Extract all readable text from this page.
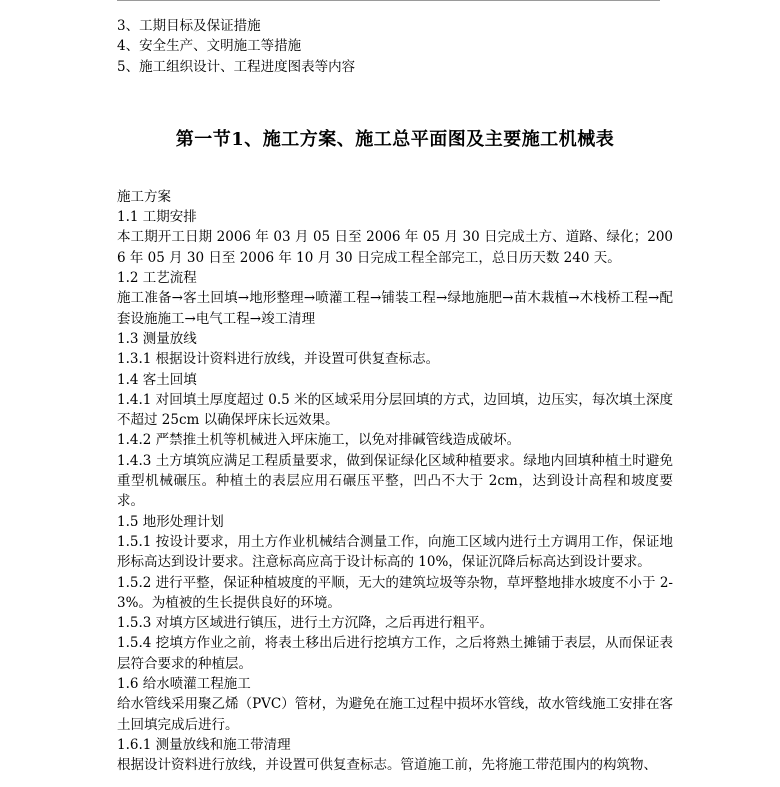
3、工期目标及保证措施

4、安全生产、文明施工等措施

5、施工组织设计、工程进度图表等内容

第一节1、施工方案、施工总平面图及主要施工机械表

施工方案

1.1 工期安排

本工期开工日期 2006 年 03 月 05 日至 2006 年 05 月 30 日完成土方、道路、绿化；2006 年 05 月 30 日至 2006 年 10 月 30 日完成工程全部完工，总日历天数 240 天。

1.2 工艺流程

施工准备→客土回填→地形整理→喷灌工程→铺装工程→绿地施肥→苗木栽植→木栈桥工程→配套设施施工→电气工程→竣工清理

1.3 测量放线

1.3.1 根据设计资料进行放线，并设置可供复查标志。

1.4 客土回填

1.4.1 对回填土厚度超过 0.5 米的区域采用分层回填的方式，边回填，边压实，每次填土深度不超过 25cm 以确保坪床长远效果。

1.4.2 严禁推土机等机械进入坪床施工，以免对排碱管线造成破坏。

1.4.3 土方填筑应满足工程质量要求，做到保证绿化区域种植要求。绿地内回填种植土时避免重型机械碾压。种植土的表层应用石碾压平整，凹凸不大于 2cm，达到设计高程和坡度要求。

1.5 地形处理计划

1.5.1 按设计要求，用土方作业机械结合测量工作，向施工区域内进行土方调用工作，保证地形标高达到设计要求。注意标高应高于设计标高的 10%，保证沉降后标高达到设计要求。

1.5.2 进行平整，保证种植坡度的平顺，无大的建筑垃圾等杂物，草坪整地排水坡度不小于 2-3%。为植被的生长提供良好的环境。

1.5.3 对填方区域进行镇压，进行土方沉降，之后再进行粗平。

1.5.4 挖填方作业之前，将表土移出后进行挖填方工作，之后将熟土摊铺于表层，从而保证表层符合要求的种植层。

1.6 给水喷灌工程施工

给水管线采用聚乙烯（PVC）管材，为避免在施工过程中损坏水管线，故水管线施工安排在客土回填完成后进行。

1.6.1 测量放线和施工带清理

根据设计资料进行放线，并设置可供复查标志。管道施工前，先将施工带范围内的构筑物、
